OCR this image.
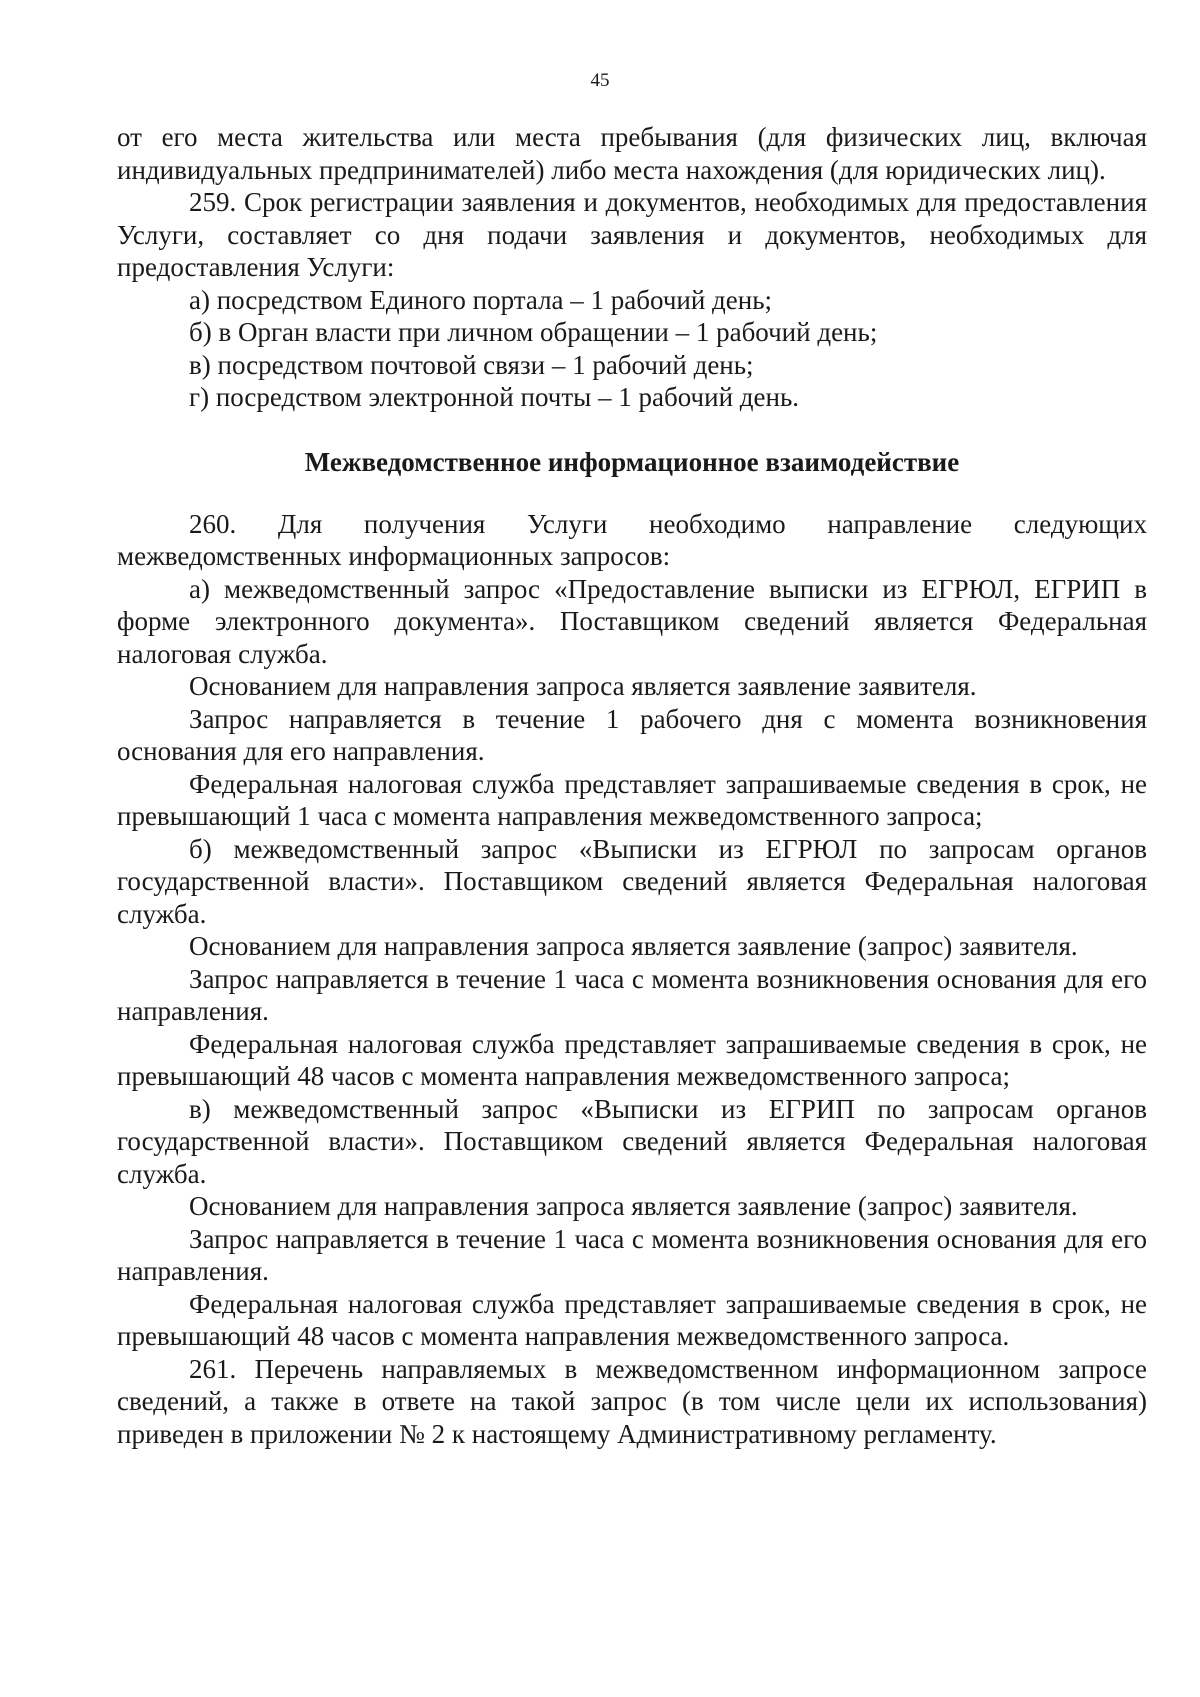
45

от его места жительства или места пребывания (для физических лиц, включая индивидуальных предпринимателей) либо места нахождения (для юридических лиц).

259. Срок регистрации заявления и документов, необходимых для предоставления Услуги, составляет со дня подачи заявления и документов, необходимых для предоставления Услуги:

а) посредством Единого портала – 1 рабочий день;

б) в Орган власти при личном обращении – 1 рабочий день;

в) посредством почтовой связи – 1 рабочий день;

г) посредством электронной почты – 1 рабочий день.

Межведомственное информационное взаимодействие

260. Для получения Услуги необходимо направление следующих межведомственных информационных запросов:

а) межведомственный запрос «Предоставление выписки из ЕГРЮЛ, ЕГРИП в форме электронного документа». Поставщиком сведений является Федеральная налоговая служба.

Основанием для направления запроса является заявление заявителя.

Запрос направляется в течение 1 рабочего дня с момента возникновения основания для его направления.

Федеральная налоговая служба представляет запрашиваемые сведения в срок, не превышающий 1 часа с момента направления межведомственного запроса;

б) межведомственный запрос «Выписки из ЕГРЮЛ по запросам органов государственной власти». Поставщиком сведений является Федеральная налоговая служба.

Основанием для направления запроса является заявление (запрос) заявителя.

Запрос направляется в течение 1 часа с момента возникновения основания для его направления.

Федеральная налоговая служба представляет запрашиваемые сведения в срок, не превышающий 48 часов с момента направления межведомственного запроса;

в) межведомственный запрос «Выписки из ЕГРИП по запросам органов государственной власти». Поставщиком сведений является Федеральная налоговая служба.

Основанием для направления запроса является заявление (запрос) заявителя.

Запрос направляется в течение 1 часа с момента возникновения основания для его направления.

Федеральная налоговая служба представляет запрашиваемые сведения в срок, не превышающий 48 часов с момента направления межведомственного запроса.

261. Перечень направляемых в межведомственном информационном запросе сведений, а также в ответе на такой запрос (в том числе цели их использования) приведен в приложении № 2 к настоящему Административному регламенту.
